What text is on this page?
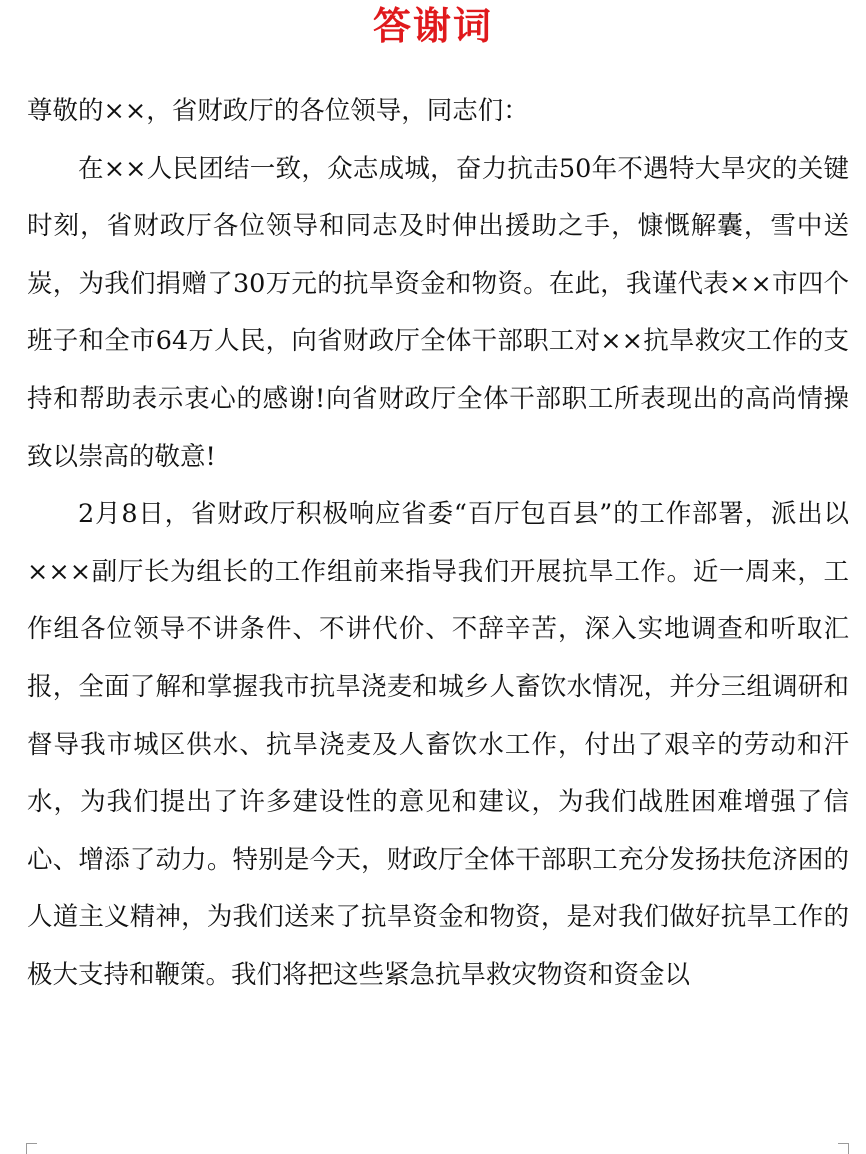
答谢词

尊敬的××，省财政厅的各位领导，同志们：

在××人民团结一致，众志成城，奋力抗击50年不遇特大旱灾的关键时刻，省财政厅各位领导和同志及时伸出援助之手，慷慨解囊，雪中送炭，为我们捐赠了30万元的抗旱资金和物资。在此，我谨代表××市四个班子和全市64万人民，向省财政厅全体干部职工对××抗旱救灾工作的支持和帮助表示衷心的感谢!向省财政厅全体干部职工所表现出的高尚情操致以崇高的敬意!

2月8日，省财政厅积极响应省委“百厅包百县”的工作部署，派出以×××副厅长为组长的工作组前来指导我们开展抗旱工作。近一周来，工作组各位领导不讲条件、不讲代价、不辞辛苦，深入实地调查和听取汇报，全面了解和掌握我市抗旱浇麦和城乡人畜饮水情况，并分三组调研和督导我市城区供水、抗旱浇麦及人畜饮水工作，付出了艰辛的劳动和汗水，为我们提出了许多建设性的意见和建议，为我们战胜困难增强了信心、增添了动力。特别是今天，财政厅全体干部职工充分发扬扶危济困的人道主义精神，为我们送来了抗旱资金和物资，是对我们做好抗旱工作的极大支持和鞭策。我们将把这些紧急抗旱救灾物资和资金以
